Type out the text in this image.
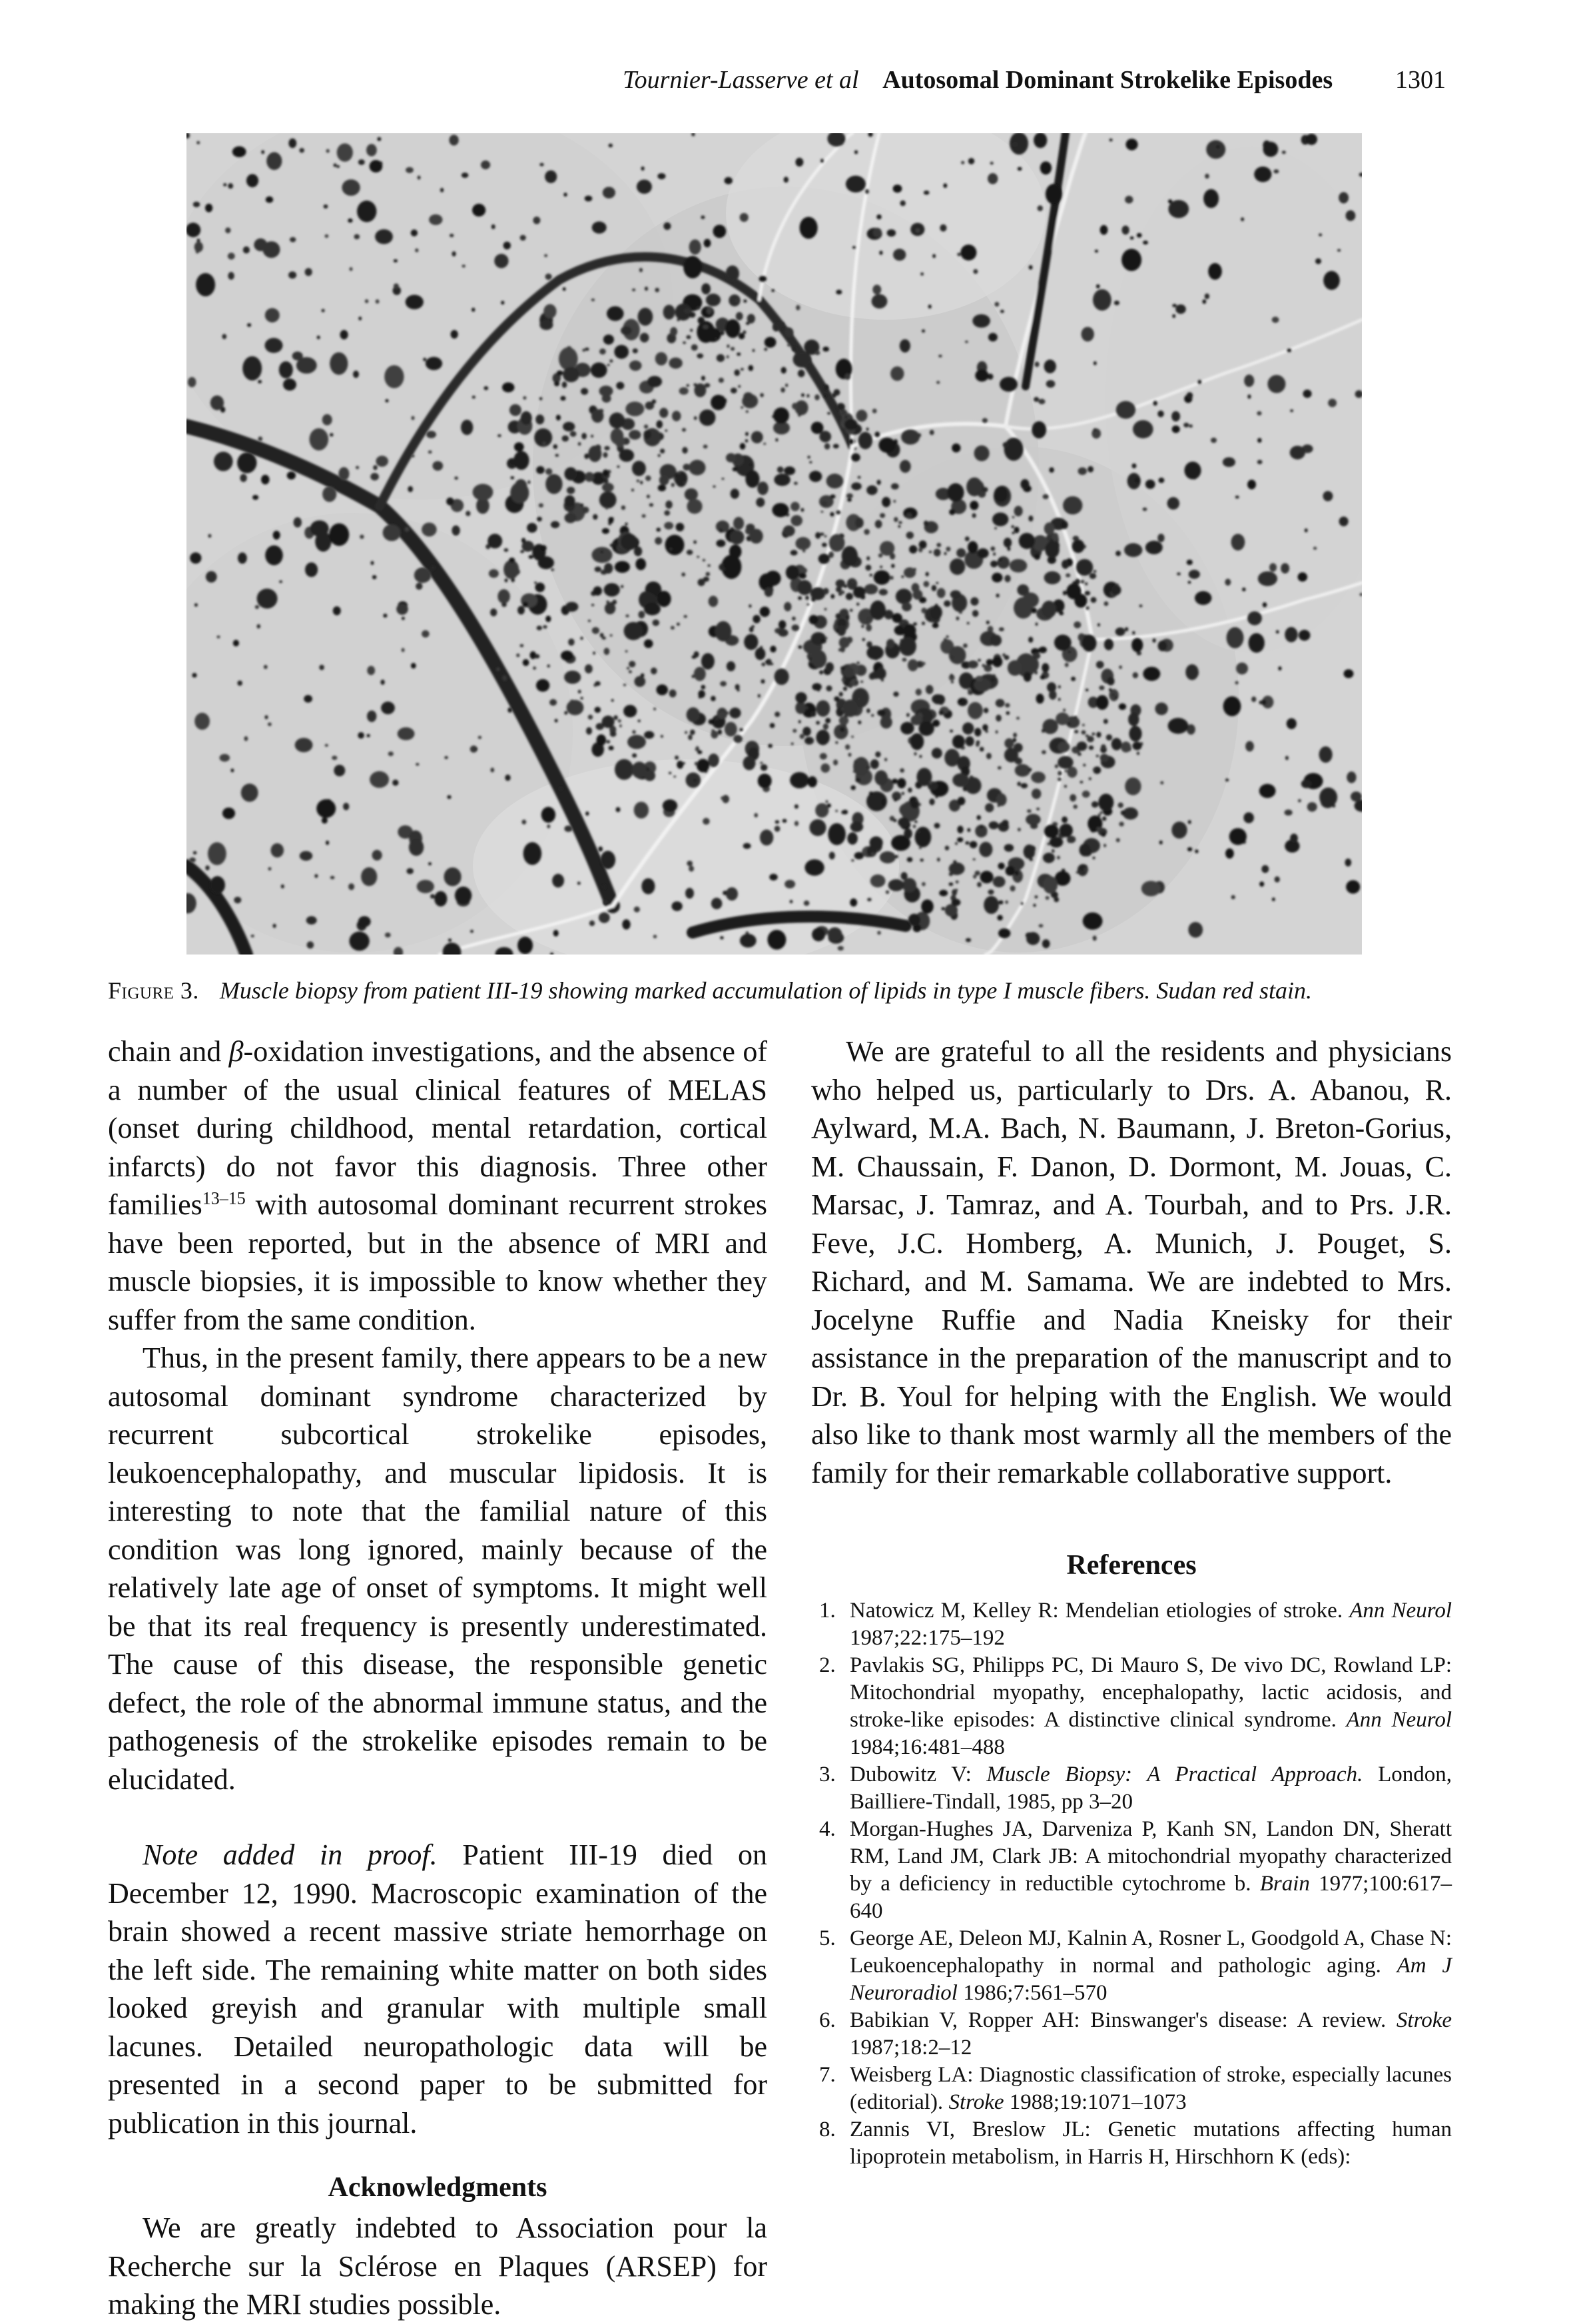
Tournier-Lasserve et al Autosomal Dominant Strokelike Episodes 1301
Figure 3. Muscle biopsy from patient III-19 showing marked accumulation of lipids in type I muscle fibers. Sudan red stain.

chain and β-oxidation investigations, and the absence of a number of the usual clinical features of MELAS (onset during childhood, mental retardation, cortical infarcts) do not favor this diagnosis. Three other families$^{13-15}$ with autosomal dominant recurrent strokes have been reported, but in the absence of MRI and muscle biopsies, it is impossible to know whether they suffer from the same condition.

Thus, in the present family, there appears to be a new autosomal dominant syndrome characterized by recurrent subcortical strokelike episodes, leukoencephalopathy, and muscular lipidosis. It is interesting to note that the familial nature of this condition was long ignored, mainly because of the relatively late age of onset of symptoms. It might well be that its real frequency is presently underestimated. The cause of this disease, the responsible genetic defect, the role of the abnormal immune status, and the pathogenesis of the strokelike episodes remain to be elucidated.

Note added in proof. Patient III-19 died on December 12, 1990. Macroscopic examination of the brain showed a recent massive striate hemorrhage on the left side. The remaining white matter on both sides looked greyish and granular with multiple small lacunes. Detailed neuropathologic data will be presented in a second paper to be submitted for publication in this journal.

Acknowledgments

We are greatly indebted to Association pour la Recherche sur la Sclérose en Plaques (ARSEP) for making the MRI studies possible.

We are grateful to all the residents and physicians who helped us, particularly to Drs. A. Abanou, R. Aylward, M.A. Bach, N. Baumann, J. Breton-Gorius, M. Chaussain, F. Danon, D. Dormont, M. Jouas, C. Marsac, J. Tamraz, and A. Tourbah, and to Prs. J.R. Feve, J.C. Homberg, A. Munich, J. Pouget, S. Richard, and M. Samama. We are indebted to Mrs. Jocelyne Ruffie and Nadia Kneisky for their assistance in the preparation of the manuscript and to Dr. B. Youl for helping with the English. We would also like to thank most warmly all the members of the family for their remarkable collaborative support.

References
1. Natowicz M, Kelley R: Mendelian etiologies of stroke. Ann Neurol 1987;22:175–192
2. Pavlakis SG, Philipps PC, Di Mauro S, De vivo DC, Rowland LP: Mitochondrial myopathy, encephalopathy, lactic acidosis, and stroke-like episodes: A distinctive clinical syndrome. Ann Neurol 1984;16:481–488
3. Dubowitz V: Muscle Biopsy: A Practical Approach. London, Bailliere-Tindall, 1985, pp 3–20
4. Morgan-Hughes JA, Darveniza P, Kanh SN, Landon DN, Sheratt RM, Land JM, Clark JB: A mitochondrial myopathy characterized by a deficiency in reductible cytochrome b. Brain 1977;100:617–640
5. George AE, Deleon MJ, Kalnin A, Rosner L, Goodgold A, Chase N: Leukoencephalopathy in normal and pathologic aging. Am J Neuroradiol 1986;7:561–570
6. Babikian V, Ropper AH: Binswanger's disease: A review. Stroke 1987;18:2–12
7. Weisberg LA: Diagnostic classification of stroke, especially lacunes (editorial). Stroke 1988;19:1071–1073
8. Zannis VI, Breslow JL: Genetic mutations affecting human lipoprotein metabolism, in Harris H, Hirschhorn K (eds):
